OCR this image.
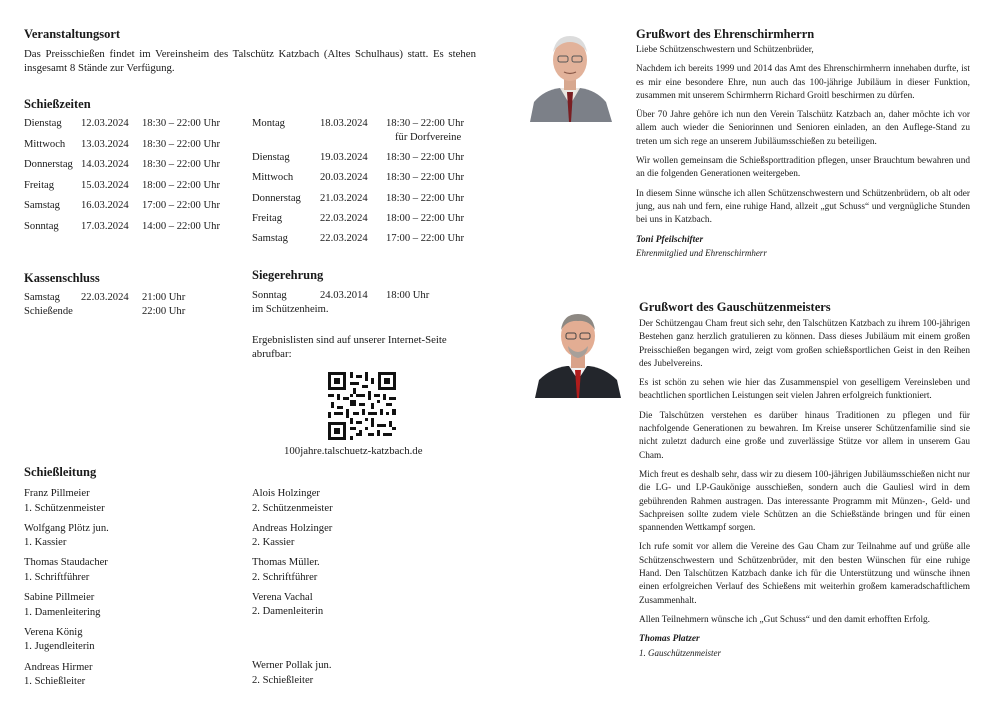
Veranstaltungsort
Das Preisschießen findet im Vereinsheim des Talschütz Katzbach (Altes Schulhaus) statt. Es stehen insgesamt 8 Stände zur Verfügung.
Schießzeiten
Dienstag 12.03.2024 18:30 – 22:00 Uhr
Mittwoch 13.03.2024 18:30 – 22:00 Uhr
Donnerstag 14.03.2024 18:30 – 22:00 Uhr
Freitag	15.03.2024 18:00 – 22:00 Uhr
Samstag 16.03.2024 17:00 – 22:00 Uhr
Sonntag 17.03.2024 14:00 – 22:00 Uhr
Montag	18.03.2024 18:30 – 22:00 Uhr
für Dorfvereine
Dienstag	19.03.2024 18:30 – 22:00 Uhr
Mittwoch	20.03.2024 18:30 – 22:00 Uhr
Donnerstag 21.03.2024 18:30 – 22:00 Uhr
Freitag	22.03.2024 18:00 – 22:00 Uhr
Samstag	22.03.2024 17:00 – 22:00 Uhr
Kassenschluss
Samstag 22.03.2024 21:00 Uhr
Schießende	22:00 Uhr
Siegerehrung
Sonntag	24.03.2014 18:00 Uhr
im Schützenheim.
Ergebnislisten sind auf unserer Internet-Seite abrufbar:
100jahre.talschuetz-katzbach.de
Schießleitung
Franz Pillmeier
1. Schützenmeister
Wolfgang Plötz jun.
1. Kassier
Thomas Staudacher
1. Schriftführer
Sabine Pillmeier
1. Damenleitering
Verena König
1. Jugendleiterin
Andreas Hirmer
1. Schießleiter
Alois Holzinger
2. Schützenmeister
Andreas Holzinger
2. Kassier
Thomas Müller.
2. Schriftführer
Verena Vachal
2. Damenleiterin
Werner Pollak jun.
2. Schießleiter
Grußwort des Ehrenschirmherrn

Liebe Schützenschwestern und Schützenbrüder,

Nachdem ich bereits 1999 und 2014 das Amt des Ehrenschirmherrn innehaben durfte, ist es mir eine besondere Ehre, nun auch das 100-jährige Jubiläum in dieser Funktion, zusammen mit unserem Schirmherrn Richard Groitl beschirmen zu dürfen.

Über 70 Jahre gehöre ich nun den Verein Talschütz Katzbach an, daher möchte ich vor allem auch wieder die Seniorinnen und Senioren einladen, an den Auflege-Stand zu treten um sich rege an unserem Jubiläumsschießen zu beteiligen.

Wir wollen gemeinsam die Schießsporttradition pflegen, unser Brauchtum bewahren und an die folgenden Generationen weitergeben.

In diesem Sinne wünsche ich allen Schützenschwestern und Schützenbrüdern, ob alt oder jung, aus nah und fern, eine ruhige Hand, allzeit „gut Schuss“ und vergnügliche Stunden bei uns in Katzbach.

Toni Pfeilschifter
Ehrenmitglied und Ehrenschirmherr
Grußwort des Gauschützenmeisters

Der Schützengau Cham freut sich sehr, den Talschützen Katzbach zu ihrem 100-jährigen Bestehen ganz herzlich gratulieren zu können. Dass dieses Jubiläum mit einem großen Preisschießen begangen wird, zeigt vom großen schießsportlichen Geist in den Reihen des Jubelvereins.

Es ist schön zu sehen wie hier das Zusammenspiel von geselligem Vereinsleben und beachtlichen sportlichen Leistungen seit vielen Jahren erfolgreich funktioniert.

Die Talschützen verstehen es darüber hinaus Traditionen zu pflegen und für nachfolgende Generationen zu bewahren. Im Kreise unserer Schützenfamilie sind sie nicht zuletzt dadurch eine große und zuverlässige Stütze vor allem in unserem Gau Cham.

Mich freut es deshalb sehr, dass wir zu diesem 100-jährigen Jubiläumsschießen nicht nur die LG- und LP-Gaukönige ausschießen, sondern auch die Gauliesl wird in dem gebührenden Rahmen austragen. Das interessante Programm mit Münzen-, Geld- und Sachpreisen sollte zudem viele Schützen an die Schießstände bringen und für einen spannenden Wettkampf sorgen.

Ich rufe somit vor allem die Vereine des Gau Cham zur Teilnahme auf und grüße alle Schützenschwestern und Schützenbrüder, mit den besten Wünschen für eine ruhige Hand. Den Talschützen Katzbach danke ich für die Unterstützung und wünsche ihnen einen erfolgreichen Verlauf des Schießens mit weiterhin großem kameradschaftlichem Zusammenhalt.

Allen Teilnehmern wünsche ich „Gut Schuss“ und den damit erhofften Erfolg.

Thomas Platzer
1. Gauschützenmeister
